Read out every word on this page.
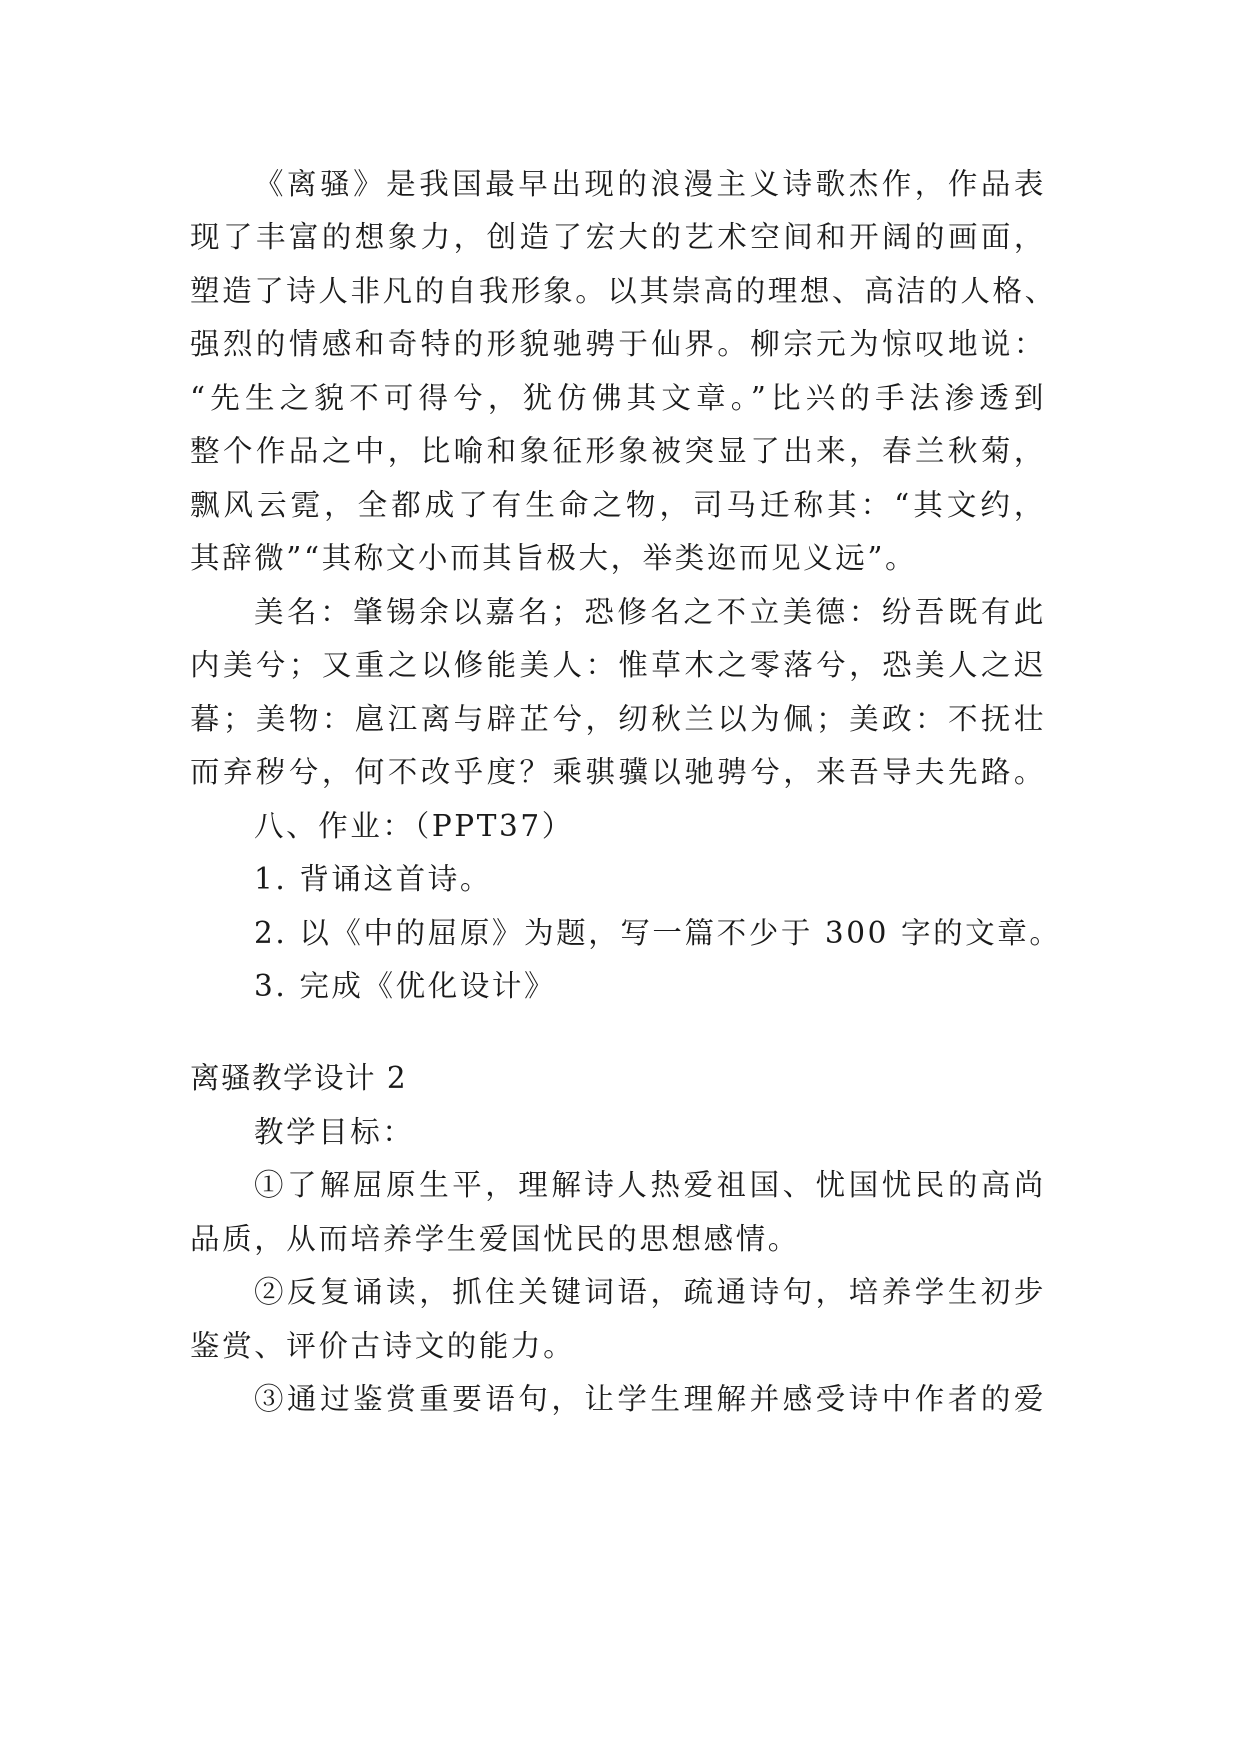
《离骚》是我国最早出现的浪漫主义诗歌杰作，作品表
现了丰富的想象力，创造了宏大的艺术空间和开阔的画面，
塑造了诗人非凡的自我形象。以其崇高的理想、高洁的人格、
强烈的情感和奇特的形貌驰骋于仙界。柳宗元为惊叹地说：
“先生之貌不可得兮，犹仿佛其文章。”比兴的手法渗透到
整个作品之中，比喻和象征形象被突显了出来，春兰秋菊，
飘风云霓，全都成了有生命之物，司马迁称其：“其文约，
其辞微”“其称文小而其旨极大，举类迩而见义远”。
美名：肇锡余以嘉名；恐修名之不立美德：纷吾既有此
内美兮；又重之以修能美人：惟草木之零落兮，恐美人之迟
暮；美物：扈江离与辟芷兮，纫秋兰以为佩；美政：不抚壮
而弃秽兮，何不改乎度？乘骐骥以驰骋兮，来吾导夫先路。
八、作业：（PPT37）
1. 背诵这首诗。
2. 以《中的屈原》为题，写一篇不少于 300 字的文章。
3. 完成《优化设计》
离骚教学设计 2
教学目标：
①了解屈原生平，理解诗人热爱祖国、忧国忧民的高尚
品质，从而培养学生爱国忧民的思想感情。
②反复诵读，抓住关键词语，疏通诗句，培养学生初步
鉴赏、评价古诗文的能力。
③通过鉴赏重要语句，让学生理解并感受诗中作者的爱
